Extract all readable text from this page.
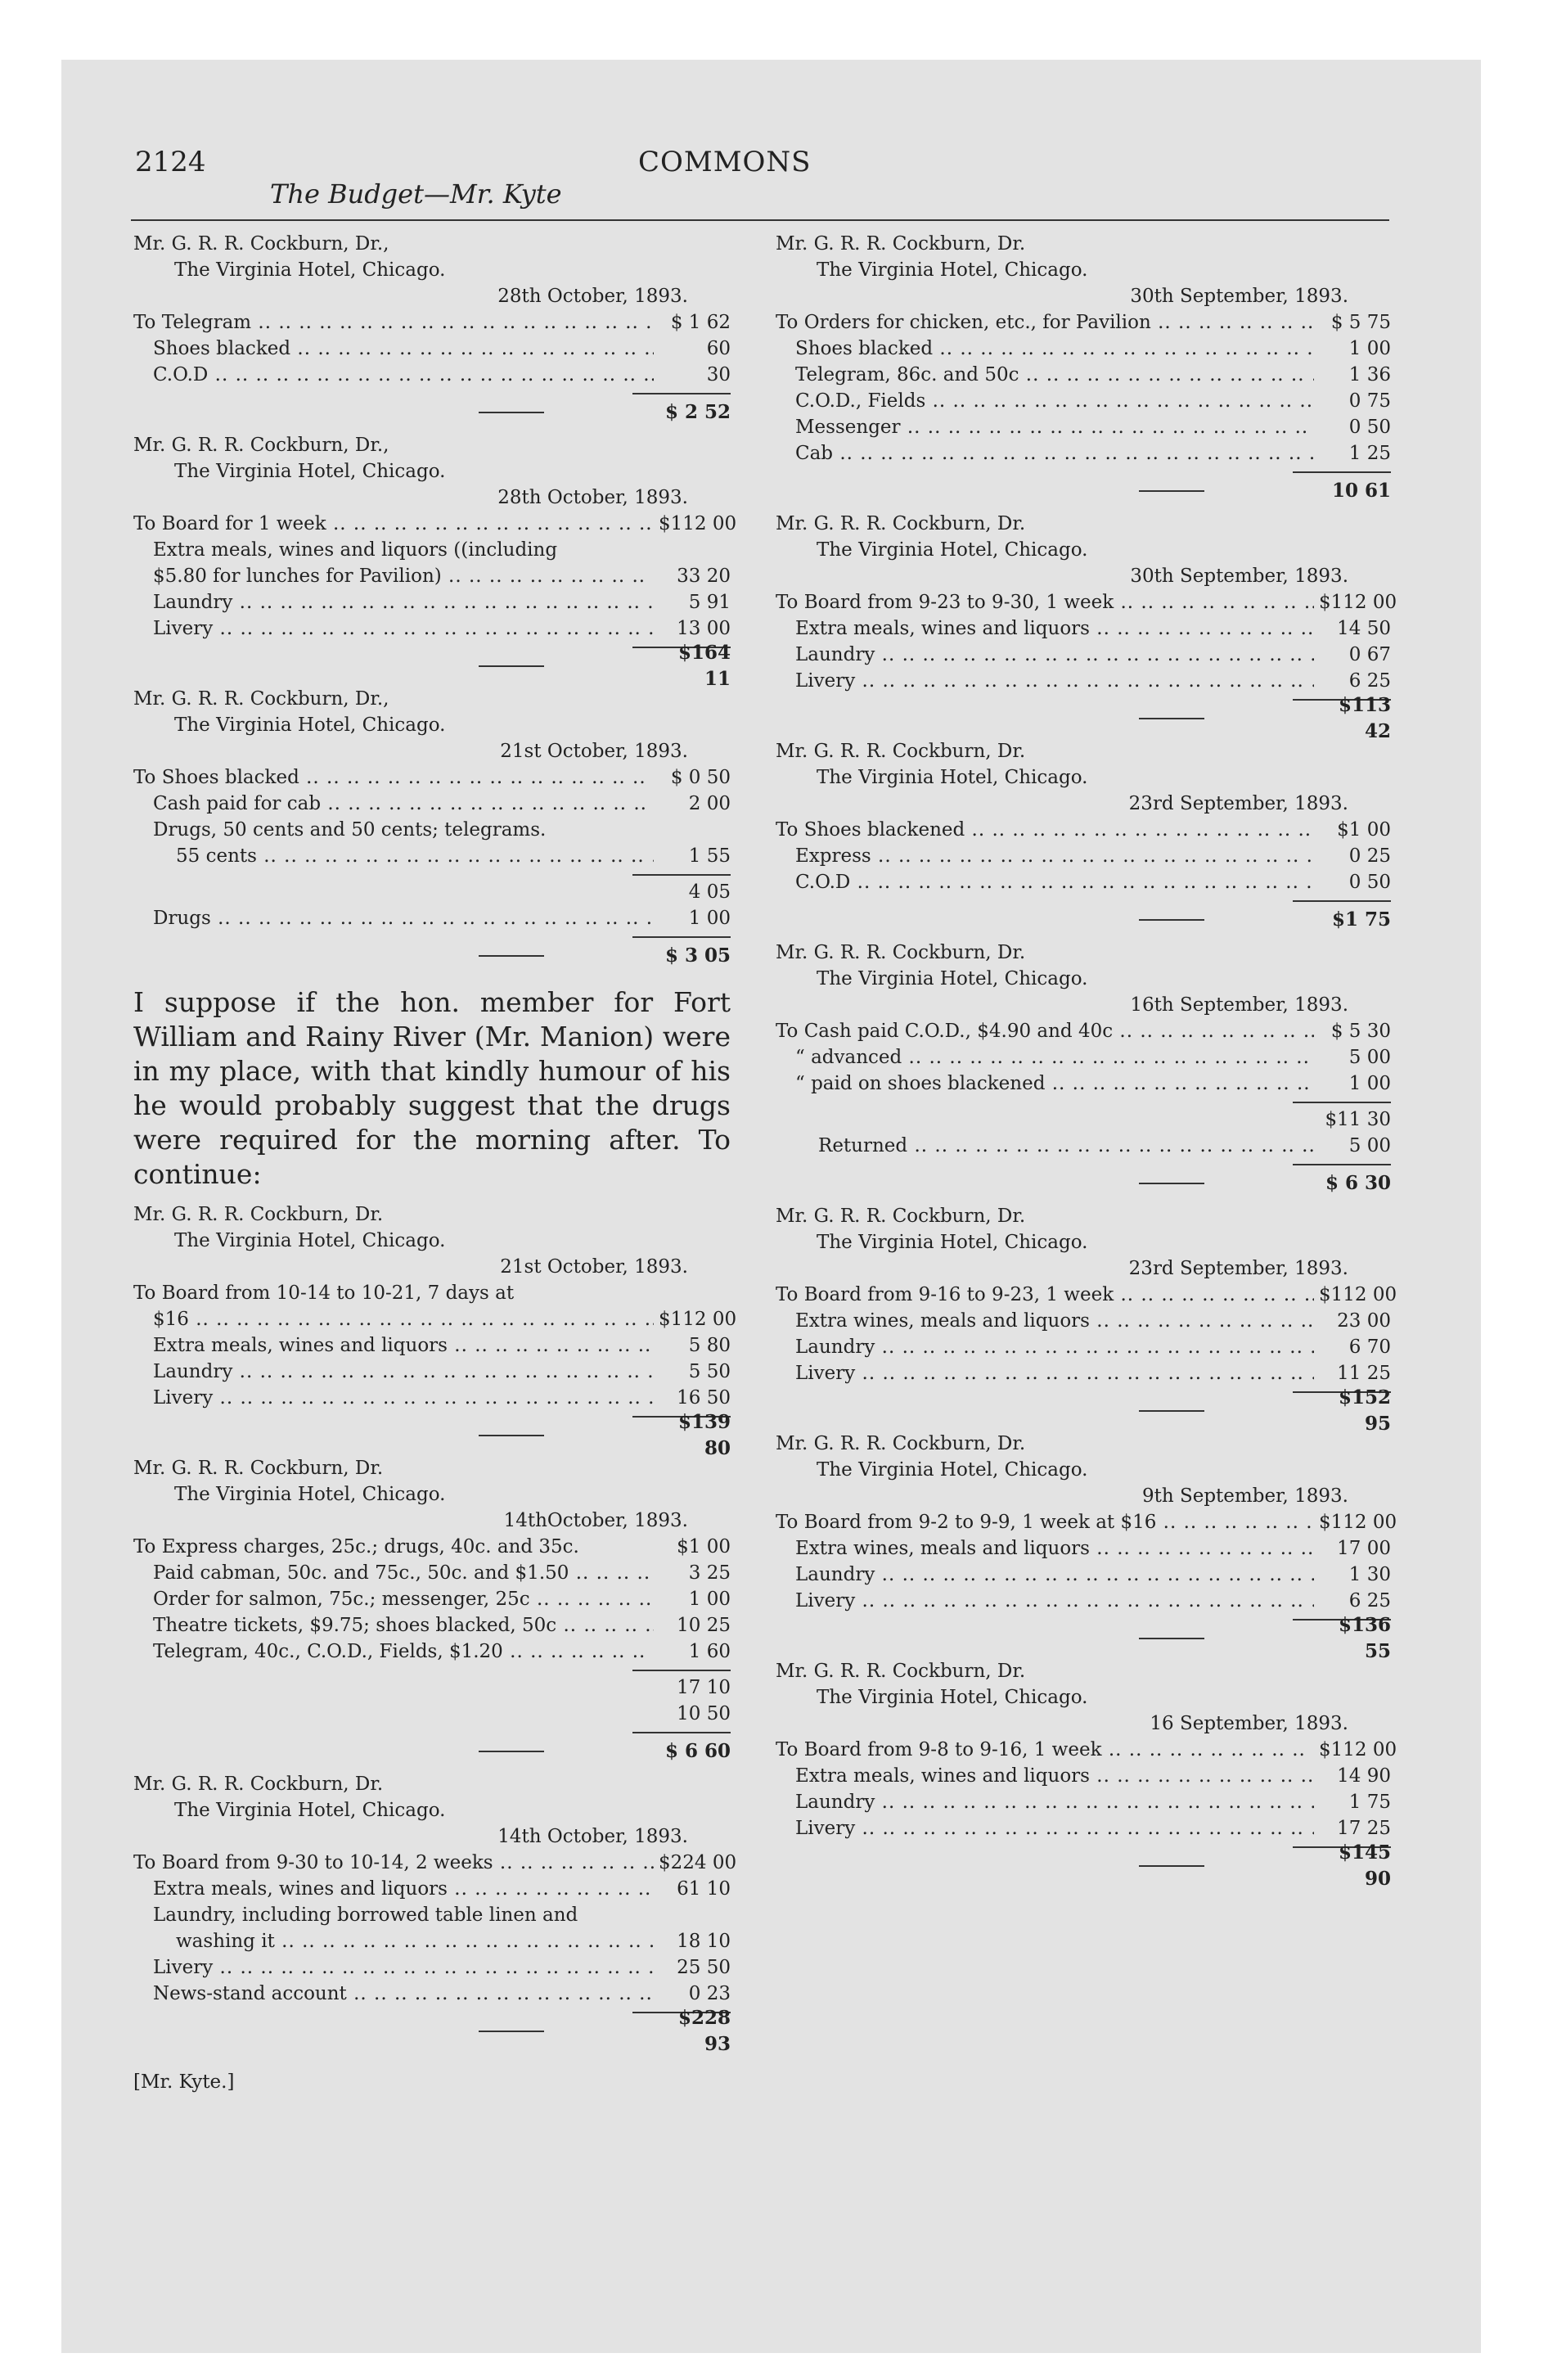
2124	COMMONS
The Budget—Mr. Kyte
Mr. G. R. R. Cockburn, Dr.,
The Virginia Hotel, Chicago.
28th October, 1893.
To Telegram .. ..	$ 1 62
Shoes blacked .. ..	60
C.O.D .. ..	30
$ 2 52
Mr. G. R. R. Cockburn, Dr.,
The Virginia Hotel, Chicago.
28th October, 1893.
To Board for 1 week .. ..	$112 00
Extra meals, wines and liquors ((including
$5.80 for lunches for Pavilion) .. ..	33 20
Laundry .. ..	5 91
Livery .. ..	13 00
$164 11
Mr. G. R. R. Cockburn, Dr.,
The Virginia Hotel, Chicago.
21st October, 1893.
To Shoes blacked .. ..	$ 0 50
Cash paid for cab .. ..	2 00
Drugs, 50 cents and 50 cents; telegrams.
55 cents .. ..	1 55
4 05
Drugs .. ..	1 00
$ 3 05
I suppose if the hon. member for Fort William and Rainy River (Mr. Manion) were in my place, with that kindly humour of his he would probably suggest that the drugs were required for the morning after. To continue:
Mr. G. R. R. Cockburn, Dr.
The Virginia Hotel, Chicago.
21st October, 1893.
To Board from 10-14 to 10-21, 7 days at
$16 .. ..	$112 00
Extra meals, wines and liquors .. ..	5 80
Laundry .. ..	5 50
Livery .. ..	16 50
$139 80
Mr. G. R. R. Cockburn, Dr.
The Virginia Hotel, Chicago.
14thOctober, 1893.
To Express charges, 25c.; drugs, 40c. and 35c.	$1 00
Paid cabman, 50c. and 75c., 50c. and $1.50 .. ..	3 25
Order for salmon, 75c.; messenger, 25c .. ..	1 00
Theatre tickets, $9.75; shoes blacked, 50c .. ..	10 25
Telegram, 40c., C.O.D., Fields, $1.20 .. ..	1 60
17 10
10 50
$ 6 60
Mr. G. R. R. Cockburn, Dr.
The Virginia Hotel, Chicago.
14th October, 1893.
To Board from 9-30 to 10-14, 2 weeks .. ..	$224 00
Extra meals, wines and liquors .. ..	61 10
Laundry, including borrowed table linen and
washing it .. ..	18 10
Livery .. ..	25 50
News-stand account .. ..	0 23
$228 93
[Mr. Kyte.]
Mr. G. R. R. Cockburn, Dr.
The Virginia Hotel, Chicago.
30th September, 1893.
To Orders for chicken, etc., for Pavilion .. ..	$ 5 75
Shoes blacked .. ..	1 00
Telegram, 86c. and 50c .. ..	1 36
C.O.D., Fields .. ..	0 75
Messenger .. ..	0 50
Cab .. ..	1 25
10 61
Mr. G. R. R. Cockburn, Dr.
The Virginia Hotel, Chicago.
30th September, 1893.
To Board from 9-23 to 9-30, 1 week .. ..	$112 00
Extra meals, wines and liquors .. ..	14 50
Laundry .. ..	0 67
Livery .. ..	6 25
$113 42
Mr. G. R. R. Cockburn, Dr.
The Virginia Hotel, Chicago.
23rd September, 1893.
To Shoes blackened .. ..	$1 00
Express .. ..	0 25
C.O.D .. ..	0 50
$1 75
Mr. G. R. R. Cockburn, Dr.
The Virginia Hotel, Chicago.
16th September, 1893.
To Cash paid C.O.D., $4.90 and 40c .. ..	$ 5 30
“ advanced .. ..	5 00
“ paid on shoes blackened .. ..	1 00
$11 30
Returned .. ..	5 00
$ 6 30
Mr. G. R. R. Cockburn, Dr.
The Virginia Hotel, Chicago.
23rd September, 1893.
To Board from 9-16 to 9-23, 1 week .. ..	$112 00
Extra wines, meals and liquors .. ..	23 00
Laundry .. ..	6 70
Livery .. ..	11 25
$152 95
Mr. G. R. R. Cockburn, Dr.
The Virginia Hotel, Chicago.
9th September, 1893.
To Board from 9-2 to 9-9, 1 week at $16 .. ..	$112 00
Extra wines, meals and liquors .. ..	17 00
Laundry .. ..	1 30
Livery .. ..	6 25
$136 55
Mr. G. R. R. Cockburn, Dr.
The Virginia Hotel, Chicago.
16 September, 1893.
To Board from 9-8 to 9-16, 1 week .. ..	$112 00
Extra meals, wines and liquors .. ..	14 90
Laundry .. ..	1 75
Livery .. ..	17 25
$145 90
